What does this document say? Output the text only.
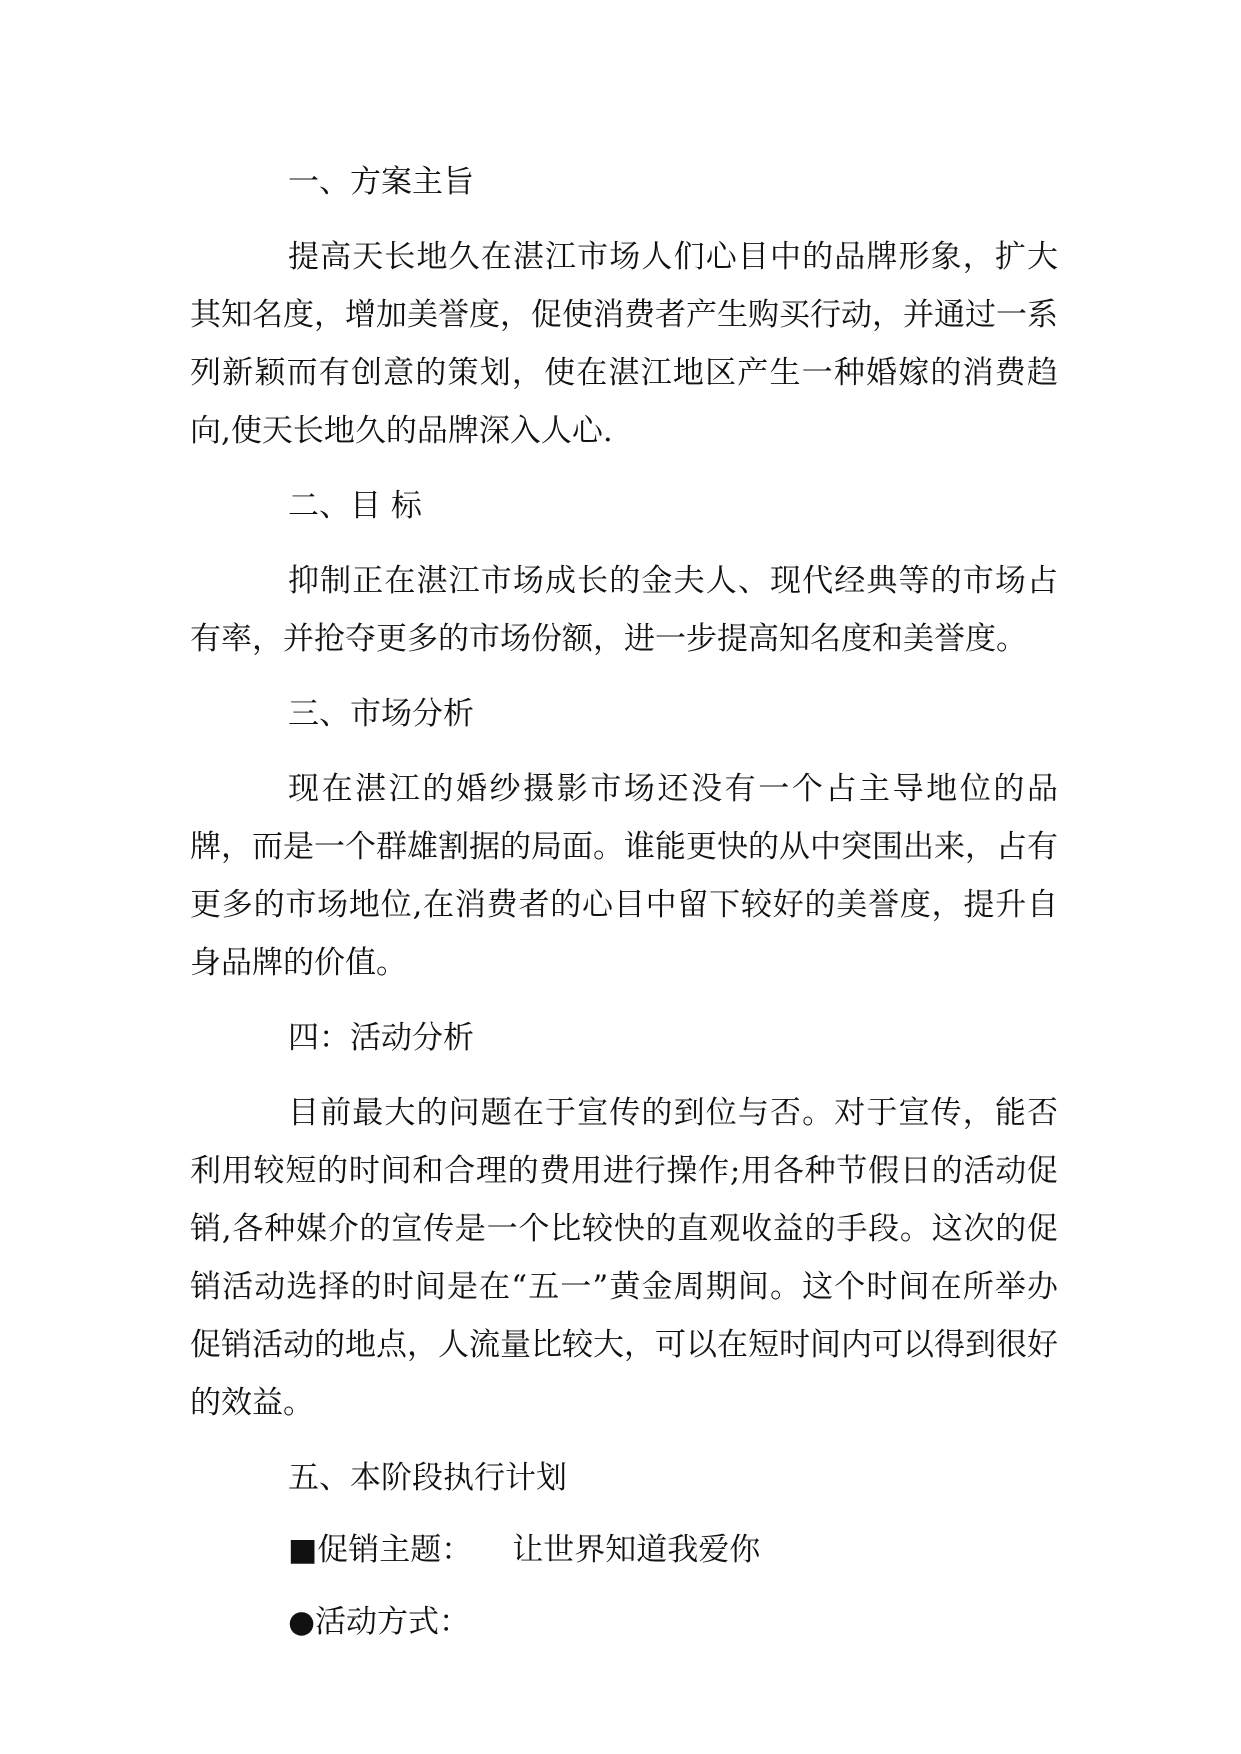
一、方案主旨

提高天长地久在湛江市场人们心目中的品牌形象，扩大其知名度，增加美誉度，促使消费者产生购买行动，并通过一系列新颖而有创意的策划，使在湛江地区产生一种婚嫁的消费趋向,使天长地久的品牌深入人心.

二、目 标

抑制正在湛江市场成长的金夫人、现代经典等的市场占有率，并抢夺更多的市场份额，进一步提高知名度和美誉度。

三、市场分析

现在湛江的婚纱摄影市场还没有一个占主导地位的品牌，而是一个群雄割据的局面。谁能更快的从中突围出来，占有更多的市场地位,在消费者的心目中留下较好的美誉度，提升自身品牌的价值。

四：活动分析

目前最大的问题在于宣传的到位与否。对于宣传，能否利用较短的时间和合理的费用进行操作;用各种节假日的活动促销,各种媒介的宣传是一个比较快的直观收益的手段。这次的促销活动选择的时间是在“五一”黄金周期间。这个时间在所举办促销活动的地点，人流量比较大，可以在短时间内可以得到很好的效益。

五、本阶段执行计划
■促销主题： 让世界知道我爱你
●活动方式：
